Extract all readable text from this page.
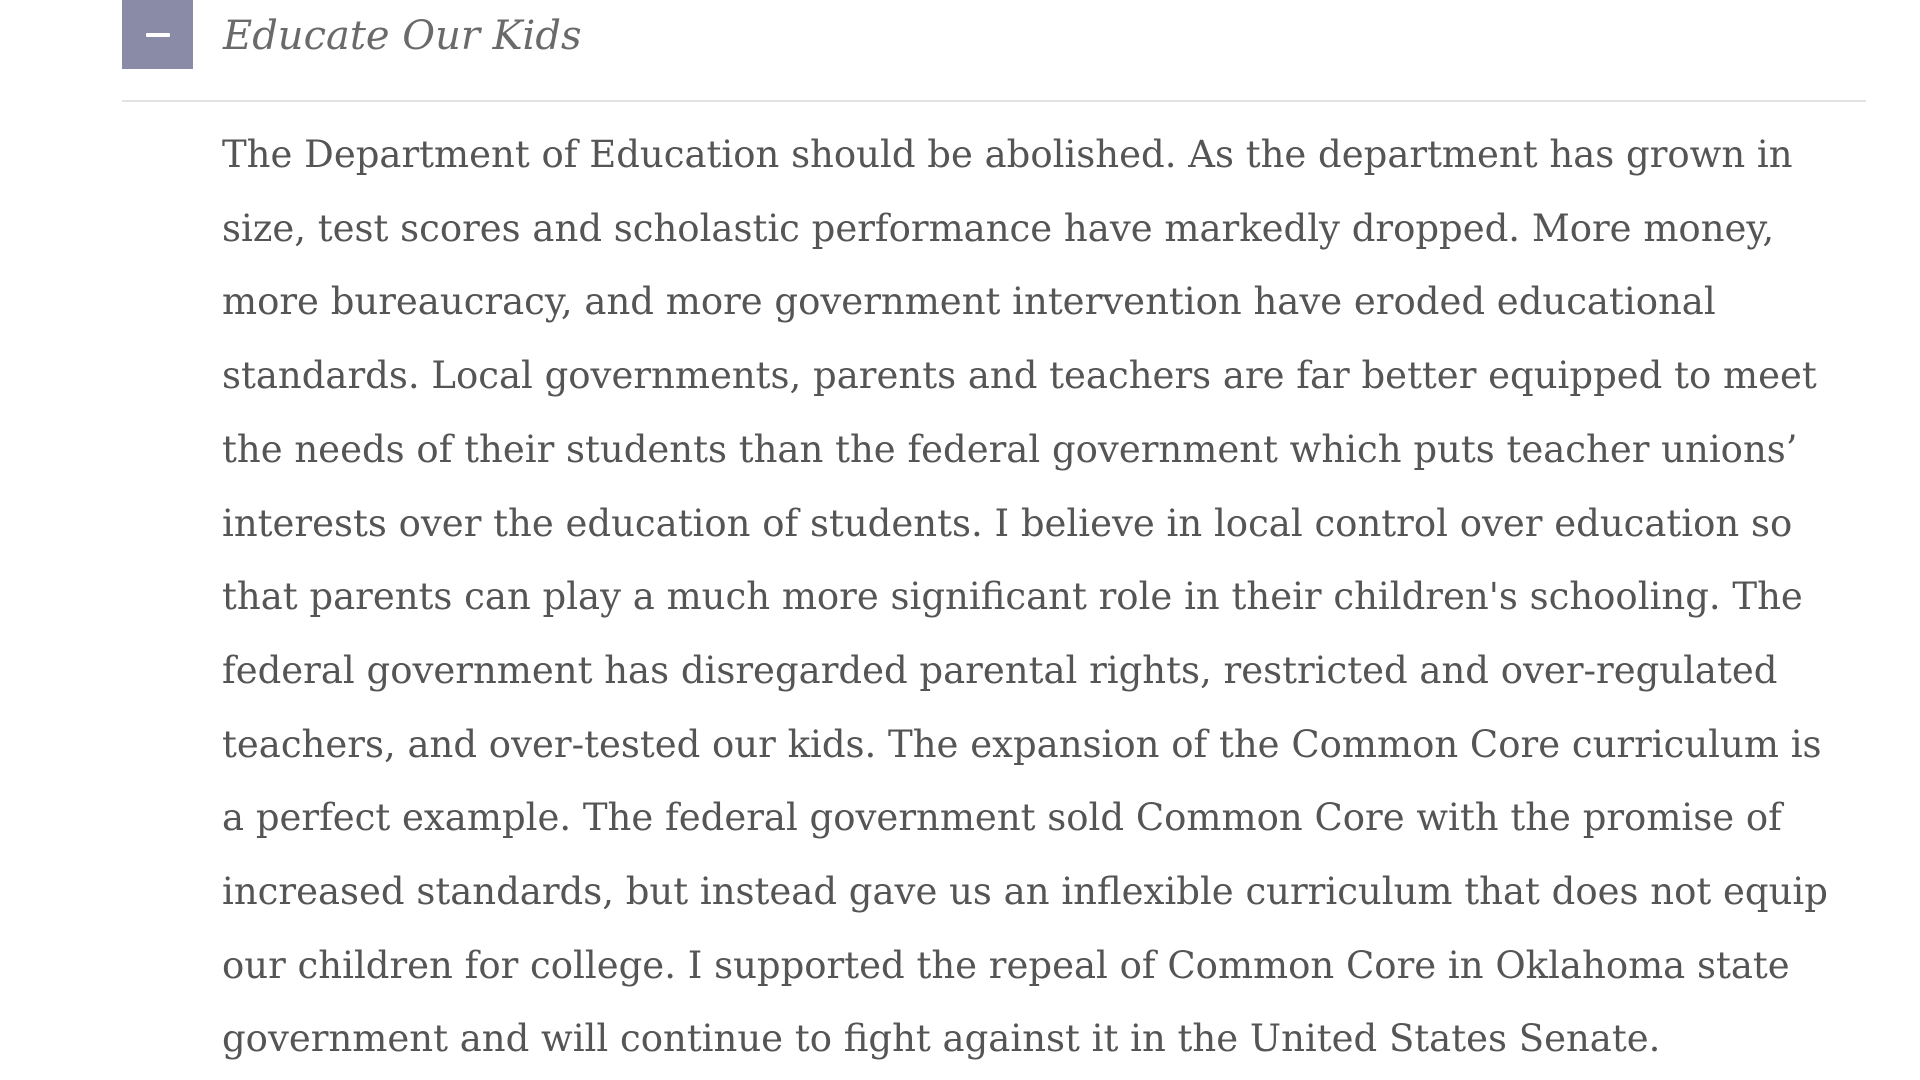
Educate Our Kids

The Department of Education should be abolished. As the department has grown in
size, test scores and scholastic performance have markedly dropped. More money,
more bureaucracy, and more government intervention have eroded educational
standards. Local governments, parents and teachers are far better equipped to meet
the needs of their students than the federal government which puts teacher unions’
interests over the education of students. I believe in local control over education so
that parents can play a much more significant role in their children's schooling. The
federal government has disregarded parental rights, restricted and over-regulated
teachers, and over-tested our kids. The expansion of the Common Core curriculum is
a perfect example. The federal government sold Common Core with the promise of
increased standards, but instead gave us an inflexible curriculum that does not equip
our children for college. I supported the repeal of Common Core in Oklahoma state
government and will continue to fight against it in the United States Senate.
